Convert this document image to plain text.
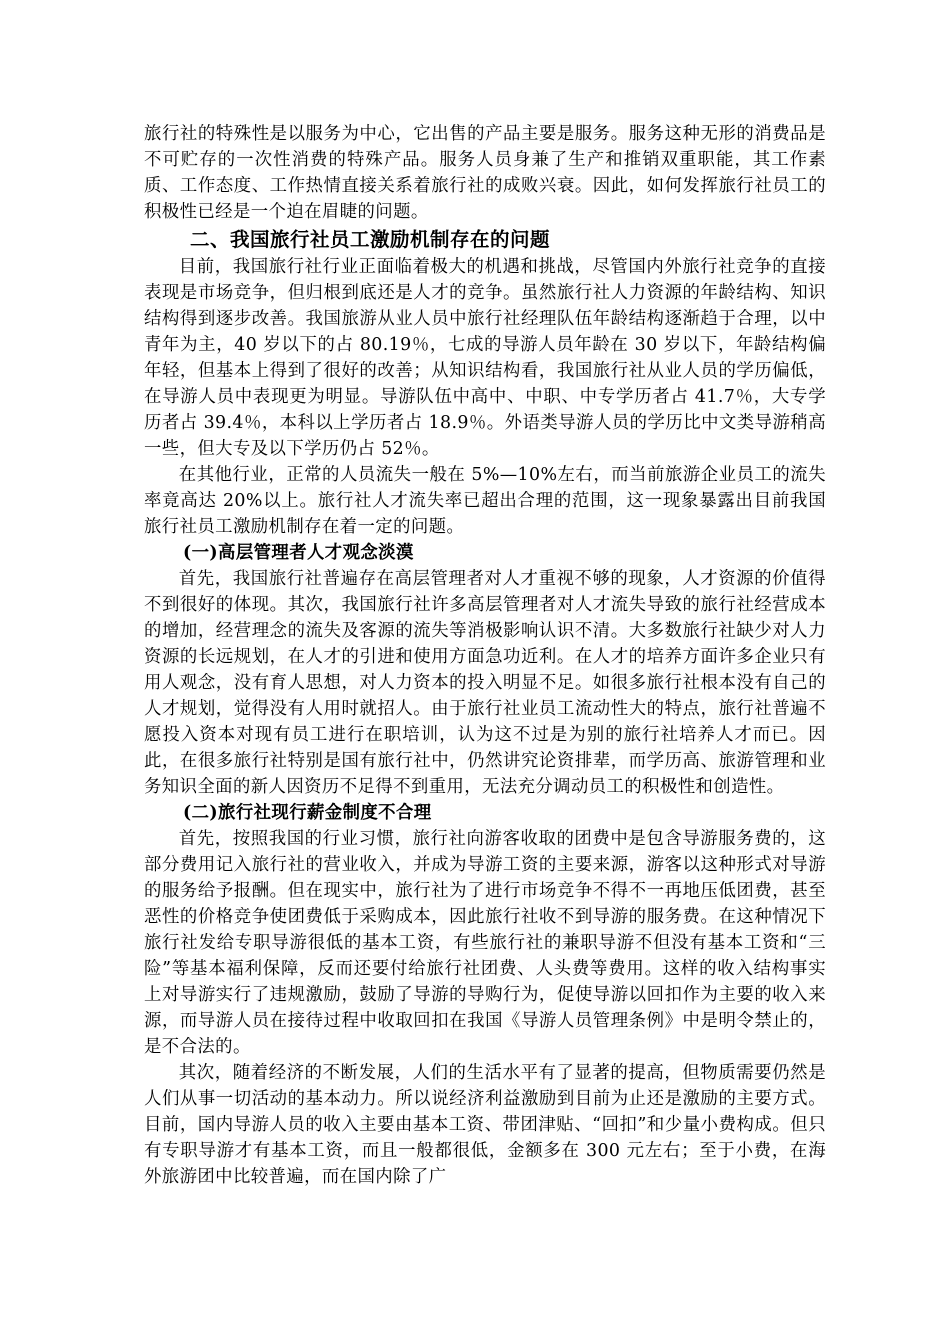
旅行社的特殊性是以服务为中心，它出售的产品主要是服务。服务这种无形的消费品是不可贮存的一次性消费的特殊产品。服务人员身兼了生产和推销双重职能，其工作素质、工作态度、工作热情直接关系着旅行社的成败兴衰。因此，如何发挥旅行社员工的积极性已经是一个迫在眉睫的问题。

二、我国旅行社员工激励机制存在的问题

目前，我国旅行社行业正面临着极大的机遇和挑战，尽管国内外旅行社竞争的直接表现是市场竞争，但归根到底还是人才的竞争。虽然旅行社人力资源的年龄结构、知识结构得到逐步改善。我国旅游从业人员中旅行社经理队伍年龄结构逐渐趋于合理，以中青年为主，40 岁以下的占 80.19％，七成的导游人员年龄在 30 岁以下，年龄结构偏年轻，但基本上得到了很好的改善；从知识结构看，我国旅行社从业人员的学历偏低，在导游人员中表现更为明显。导游队伍中高中、中职、中专学历者占 41.7％，大专学历者占 39.4％，本科以上学历者占 18.9％。外语类导游人员的学历比中文类导游稍高一些，但大专及以下学历仍占 52％。

在其他行业，正常的人员流失一般在 5%—10%左右，而当前旅游企业员工的流失率竟高达 20%以上。旅行社人才流失率已超出合理的范围，这一现象暴露出目前我国旅行社员工激励机制存在着一定的问题。

(一)高层管理者人才观念淡漠

首先，我国旅行社普遍存在高层管理者对人才重视不够的现象，人才资源的价值得不到很好的体现。其次，我国旅行社许多高层管理者对人才流失导致的旅行社经营成本的增加，经营理念的流失及客源的流失等消极影响认识不清。大多数旅行社缺少对人力资源的长远规划，在人才的引进和使用方面急功近利。在人才的培养方面许多企业只有用人观念，没有育人思想，对人力资本的投入明显不足。如很多旅行社根本没有自己的人才规划，觉得没有人用时就招人。由于旅行社业员工流动性大的特点，旅行社普遍不愿投入资本对现有员工进行在职培训，认为这不过是为别的旅行社培养人才而已。因此，在很多旅行社特别是国有旅行社中，仍然讲究论资排辈，而学历高、旅游管理和业务知识全面的新人因资历不足得不到重用，无法充分调动员工的积极性和创造性。

(二)旅行社现行薪金制度不合理

首先，按照我国的行业习惯，旅行社向游客收取的团费中是包含导游服务费的，这部分费用记入旅行社的营业收入，并成为导游工资的主要来源，游客以这种形式对导游的服务给予报酬。但在现实中，旅行社为了进行市场竞争不得不一再地压低团费，甚至恶性的价格竞争使团费低于采购成本，因此旅行社收不到导游的服务费。在这种情况下旅行社发给专职导游很低的基本工资，有些旅行社的兼职导游不但没有基本工资和“三险”等基本福利保障，反而还要付给旅行社团费、人头费等费用。这样的收入结构事实上对导游实行了违规激励，鼓励了导游的导购行为，促使导游以回扣作为主要的收入来源，而导游人员在接待过程中收取回扣在我国《导游人员管理条例》中是明令禁止的，是不合法的。

其次，随着经济的不断发展，人们的生活水平有了显著的提高，但物质需要仍然是人们从事一切活动的基本动力。所以说经济利益激励到目前为止还是激励的主要方式。目前，国内导游人员的收入主要由基本工资、带团津贴、“回扣”和少量小费构成。但只有专职导游才有基本工资，而且一般都很低，金额多在 300 元左右；至于小费，在海外旅游团中比较普遍，而在国内除了广
